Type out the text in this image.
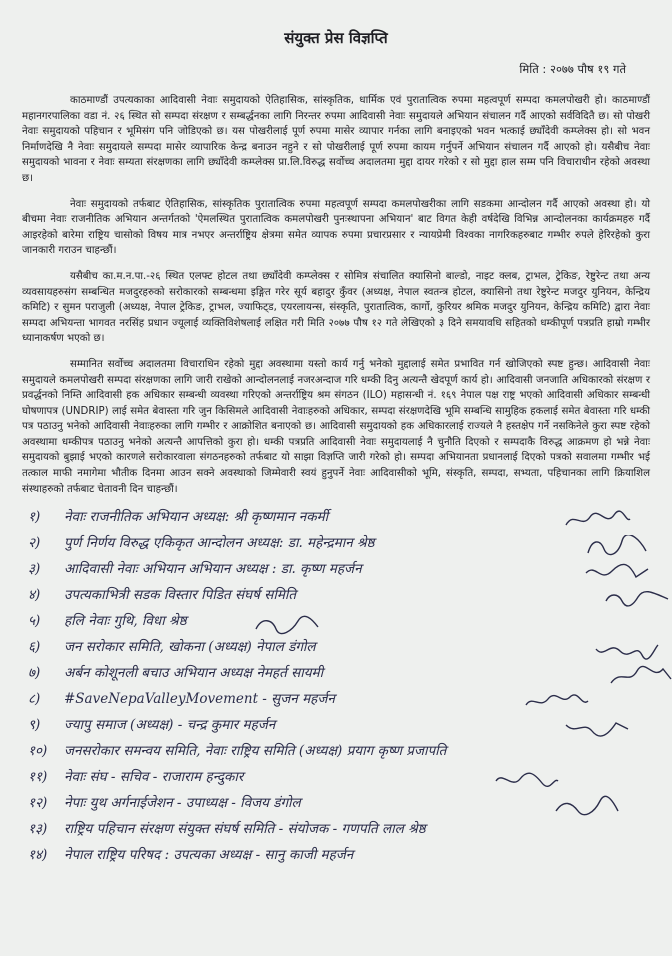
संयुक्त प्रेस विज्ञप्ति
मिति : २०७७ पौष १९ गते

काठमाण्डौं उपत्यकाका आदिवासी नेवाः समुदायको ऐतिहासिक, सांस्कृतिक, धार्मिक एवं पुरातात्विक रुपमा महत्वपूर्ण सम्पदा कमलपोखरी हो। काठमाण्डौं महानगरपालिका वडा नं. २६ स्थित सो सम्पदा संरक्षण र सम्बर्द्धनका लागि निरन्तर रुपमा आदिवासी नेवाः समुदायले अभियान संचालन गर्दै आएको सर्वविदितै छ। सो पोखरी नेवाः समुदायको पहिचान र भूमिसंग पनि जोडिएको छ। यस पोखरीलाई पूर्ण रुपमा मासेर व्यापार गर्नका लागि बनाइएको भवन भत्काई छ्याँदेवी कम्प्लेक्स हो। सो भवन निर्माणदेखि नै नेवाः समुदायले सम्पदा मासेर व्यापारिक केन्द्र बनाउन नहुने र सो पोखरीलाई पूर्ण रुपमा कायम गर्नुपर्ने अभियान संचालन गर्दै आएको हो। यसैबीच नेवाः समुदायको भावना र नेवाः सम्यता संरक्षणका लागि छ्याँदेवी कम्प्लेक्स प्रा.लि.विरुद्ध सर्वोच्च अदालतमा मुद्दा दायर गरेको र सो मुद्दा हाल सम्म पनि विचाराधीन रहेको अवस्था छ।

नेवाः समुदायको तर्फबाट ऐतिहासिक, सांस्कृतिक पुरातात्विक रुपमा महत्वपूर्ण सम्पदा कमलपोखरीका लागि सडकमा आन्दोलन गर्दै आएको अवस्था हो। यो बीचमा नेवाः राजनीतिक अभियान अन्तर्गतको 'ऐमलस्थित पुरातात्विक कमलपोखरी पुनःस्थापना अभियान' बाट विगत केही वर्षदेखि विभिन्न आन्दोलनका कार्यक्रमहरु गर्दै आइरहेको बारेमा राष्ट्रिय चासोको विषय मात्र नभएर अन्तर्राष्ट्रिय क्षेत्रमा समेत व्यापक रुपमा प्रचारप्रसार र न्यायप्रेमी विश्वका नागरिकहरुबाट गम्भीर रुपले हेरिरहेको कुरा जानकारी गराउन चाहन्छौं।

यसैबीच का.म.न.पा.-२६ स्थित एलफ्ट होटल तथा छ्याँदेवी कम्प्लेक्स र सोमित्र संचालित क्यासिनो बाल्डो, नाइट क्लब, ट्राभल, ट्रेकिङ, रेष्टुरेन्ट तथा अन्य व्यवसायहरुसंग सम्बन्धित मजदुरहरुको सरोकारको सम्बन्धमा इङ्गित गरेर सूर्य बहादुर कुँवर (अध्यक्ष, नेपाल स्वतन्त्र होटल, क्यासिनो तथा रेष्टुरेन्ट मजदुर युनियन, केन्द्रिय कमिटि) र सुमन पराजुली (अध्यक्ष, नेपाल ट्रेकिङ, ट्राभल, ज्याफिट्ड, एयरलायन्स, संस्कृति, पुरातात्विक, कार्गो, कुरियर श्रमिक मजदुर युनियन, केन्द्रिय कमिटि) द्वारा नेवाः सम्पदा अभियन्ता भागवत नरसिंह प्रधान ज्यूलाई व्यक्तिविशेषलाई लक्षित गरी मिति २०७७ पौष १२ गते लेखिएको ३ दिने समयावधि सहितको धम्कीपूर्ण पत्रप्रति हाम्रो गम्भीर ध्यानाकर्षण भएको छ।

सम्मानित सर्वोच्च अदालतमा विचाराधिन रहेको मुद्दा अवस्थामा यस्तो कार्य गर्नु भनेको मुद्दालाई समेत प्रभावित गर्न खोजिएको स्पष्ट हुन्छ। आदिवासी नेवाः समुदायले कमलपोखरी सम्पदा संरक्षणका लागि जारी राखेको आन्दोलनलाई नजरअन्दाज गरि धम्की दिनु अत्यन्तै खेदपूर्ण कार्य हो। आदिवासी जनजाति अधिकारको संरक्षण र प्रवर्द्धनको निम्ति आदिवासी हक अधिकार सम्बन्धी व्यवस्था गरिएको अन्तर्राष्ट्रिय श्रम संगठन (ILO) महासन्धी नं. १६९ नेपाल पक्ष राष्ट्र भएको आदिवासी अधिकार सम्बन्धी घोषणापत्र (UNDRIP) लाई समेत बेवास्ता गरि जुन किसिमले आदिवासी नेवाःहरुको अधिकार, सम्पदा संरक्षणदेखि भूमि सम्बन्धि सामुहिक हकलाई समेत बेवास्ता गरि धम्की पत्र पठाउनु भनेको आदिवासी नेवाःहरुका लागि गम्भीर र आक्रोशित बनाएको छ। आदिवासी समुदायको हक अधिकारलाई राज्यले नै हस्तक्षेप गर्ने नसकिनेले कुरा स्पष्ट रहेको अवस्थामा धम्कीपत्र पठाउनु भनेको अत्यन्तै आपत्तिको कुरा हो। धम्की पत्रप्रति आदिवासी नेवाः समुदायलाई नै चुनौति दिएको र सम्पदाकै विरुद्ध आक्रमण हो भन्ने नेवाः समुदायको बुझाई भएको कारणले सरोकारवाला संगठनहरुको तर्फबाट यो साझा विज्ञप्ति जारी गरेको हो। सम्पदा अभियानता प्रधानलाई दिएको पत्रको सवालमा गम्भीर भई तत्काल माफी नमागेमा भौतीक दिनमा आउन सक्ने अवस्थाको जिम्मेवारी स्वयं हुनुपर्ने नेवाः आदिवासीको भूमि, संस्कृति, सम्पदा, सभ्यता, पहिचानका लागि क्रियाशिल संस्थाहरुको तर्फबाट चेतावनी दिन चाहन्छौं।

१) नेवाः राजनीतिक अभियान अध्यक्ष: श्री कृष्णमान नकर्मी
२) पुर्ण निर्णय विरुद्ध एकिकृत आन्दोलन अध्यक्ष: डा. महेन्द्रमान श्रेष्ठ
३) आदिवासी नेवाः अभियान अभियान अध्यक्ष : डा. कृष्ण महर्जन
४) उपत्यकाभित्री सडक विस्तार पिडित संघर्ष समिति
५) हलि नेवाः गुथि, विधा श्रेष्ठ
६) जन सरोकार समिति, खोकना (अध्यक्ष) नेपाल डंगोल
७) अर्बन कोशूनली बचाउ अभियान अध्यक्ष नेमहर्त सायमी
८) #SaveNepaValleyMovement - सुजन महर्जन
९) ज्यापु समाज (अध्यक्ष) - चन्द्र कुमार महर्जन
१०) जनसरोकार समन्वय समिति, नेवाः राष्ट्रिय समिति (अध्यक्ष) प्रयाग कृष्ण प्रजापति
११) नेवाः संघ - सचिव - राजाराम हन्दुकार
१२) नेपाः युथ अर्गनाईजेशन - उपाध्यक्ष - विजय डंगोल
१३) राष्ट्रिय पहिचान संरक्षण संयुक्त संघर्ष समिति - संयोजक - गणपति लाल श्रेष्ठ
१४) नेपाल राष्ट्रिय परिषद : उपत्यका अध्यक्ष - सानु काजी महर्जन
